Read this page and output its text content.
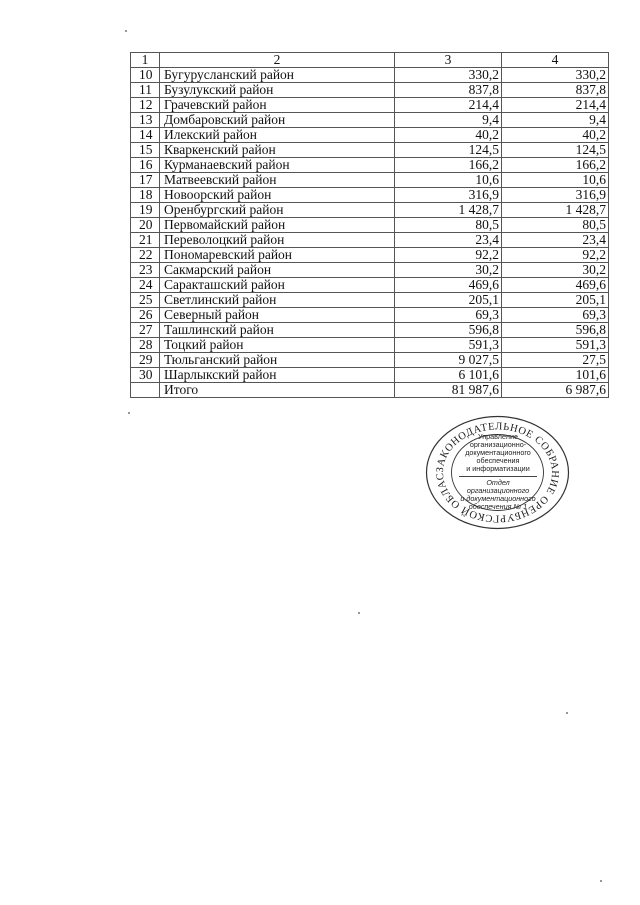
1	2	3	4
10	Бугурусланский район	330,2	330,2
11	Бузулукский район	837,8	837,8
12	Грачевский район	214,4	214,4
13	Домбаровский район	9,4	9,4
14	Илекский район	40,2	40,2
15	Кваркенский район	124,5	124,5
16	Курманаевский район	166,2	166,2
17	Матвеевский район	10,6	10,6
18	Новоорский район	316,9	316,9
19	Оренбургский район	1 428,7	1 428,7
20	Первомайский район	80,5	80,5
21	Переволоцкий район	23,4	23,4
22	Пономаревский район	92,2	92,2
23	Сакмарский район	30,2	30,2
24	Саракташский район	469,6	469,6
25	Светлинский район	205,1	205,1
26	Северный район	69,3	69,3
27	Ташлинский район	596,8	596,8
28	Тоцкий район	591,3	591,3
29	Тюльганский район	9 027,5	27,5
30	Шарлыкский район	6 101,6	101,6
	Итого	81 987,6	6 987,6
ЗАКОНОДАТЕЛЬНОЕ СОБРАНИЕ ОРЕНБУРГСКОЙ ОБЛАС
Управление
организационно-
документационного
обеспечения
и информатизации
Отдел организационного
и документационного
обеспечения № 1
